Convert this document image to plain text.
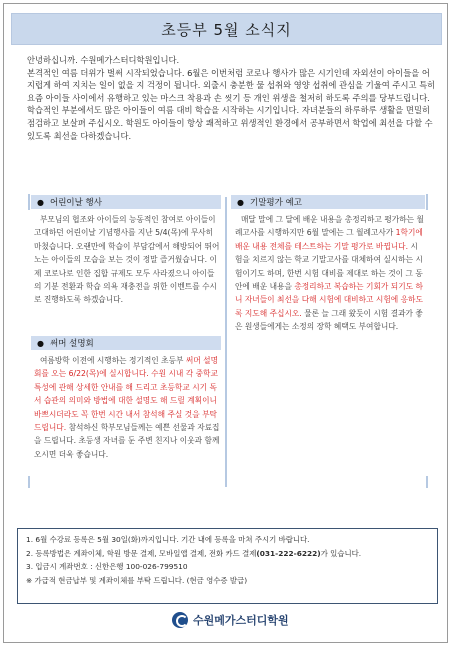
초등부 5월 소식지

안녕하십니까. 수원메가스터디학원입니다.

본격적인 여름 더위가 벌써 시작되었습니다. 6월은 이번처럼 코로나 행사가 많은 시기인데 자외선이 아이들을 어지럽게 하여 지치는 일이 없을 지 걱정이 됩니다. 외출시 충분한 물 섭취와 영양 섭취에 관심을 기울여 주시고 특히 요즘 아이들 사이에서 유행하고 있는 마스크 착용과 손 씻기 등 개인 위생을 철저히 하도록 주의를 당부드립니다. 학습적인 부분에서도 많은 아이들이 여름 대비 학습을 시작하는 시기입니다. 자녀분들의 하루하루 생활을 면밀히 점검하고 보살펴 주십시오. 학원도 아이들이 항상 쾌적하고 위생적인 환경에서 공부하면서 학업에 최선을 다할 수 있도록 최선을 다하겠습니다.

● 어린이날 행사
부모님의 협조와 아이들의 능동적인 참여로 아이들이 고대하던 어린이날 기념행사를 지난 5/4(목)에 무사히 마쳤습니다. 오랜만에 학습이 부담감에서 해방되어 뛰어노는 아이들의 모습을 보는 것이 정말 즐거웠습니다. 이제 코로나로 인한 집합 규제도 모두 사라졌으니 아이들의 기분 전환과 학습 의욕 재충전을 위한 이벤트를 수시로 진행하도록 하겠습니다.
● 써머 설명회
여름방학 이전에 시행하는 정기적인 초등부 써머 설명회를 오는 6/22(목)에 실시합니다. 수원 시내 각 중학교 특성에 관해 상세한 안내를 해 드리고 초등학교 시기 독서 습관의 의미와 방법에 대한 설명도 해 드릴 계획이니 바쁘시더라도 꼭 한번 시간 내서 참석해 주실 것을 부탁드립니다. 참석하신 학부모님들께는 예쁜 선물과 자료집을 드립니다. 초등생 자녀를 둔 주변 친지나 이웃과 함께 오시면 더욱 좋습니다.
● 기말평가 예고
매달 말에 그 달에 배운 내용을 총정리하고 평가하는 월례고사를 시행하지만 6월 말에는 그 월례고사가 1학기에 배운 내용 전체를 테스트하는 기말 평가로 바뀝니다. 시험을 치르지 않는 학교 기말고사를 대체하여 실시하는 시험이기도 하며, 한번 시험 대비를 제대로 하는 것이 그 동안에 배운 내용을 총정리하고 복습하는 기회가 되기도 하니 자녀들이 최선을 다해 시험에 대비하고 시험에 응하도록 지도해 주십시오. 물론 늘 그래 왔듯이 시험 결과가 좋은 원생들에게는 소정의 장학 혜택도 부여합니다.
1. 6월 수강료 등록은 5월 30일(화)까지입니다. 기간 내에 등록을 마쳐 주시기 바랍니다.
2. 등록방법은 계좌이체, 학원 방문 결제, 모바일앱 결제, 전화 카드 결제(031-222-6222)가 있습니다.
3. 입금시 계좌번호 : 신한은행 100-026-799510
※ 가급적 현금납부 및 계좌이체를 부탁 드립니다. (현금 영수증 발급)
수원메가스터디학원
